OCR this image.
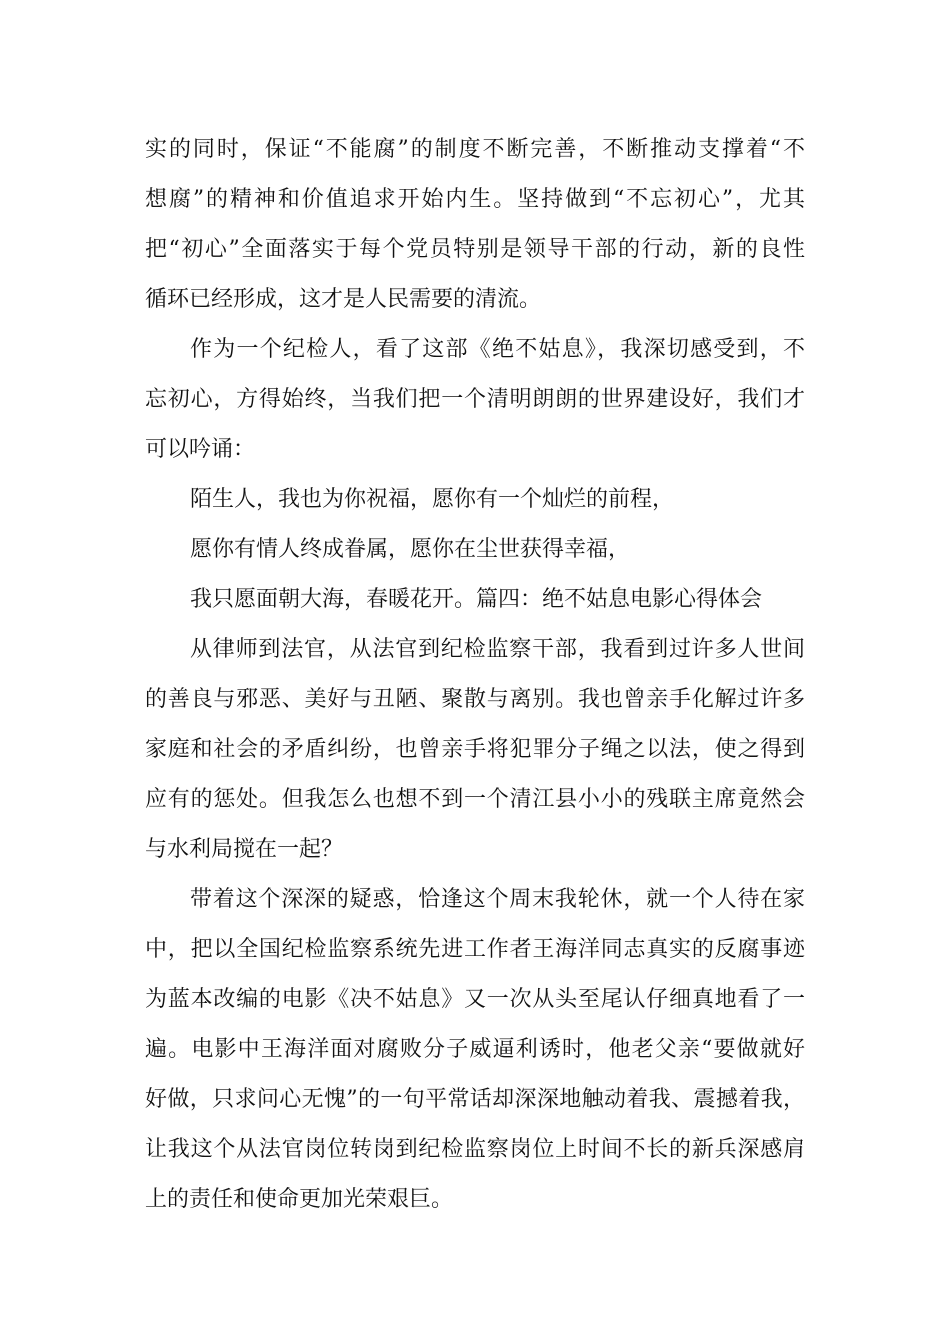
实的同时，保证“不能腐”的制度不断完善，不断推动支撑着“不
想腐”的精神和价值追求开始内生。坚持做到“不忘初心”，尤其
把“初心”全面落实于每个党员特别是领导干部的行动，新的良性
循环已经形成，这才是人民需要的清流。
作为一个纪检人，看了这部《绝不姑息》，我深切感受到，不
忘初心，方得始终，当我们把一个清明朗朗的世界建设好，我们才
可以吟诵：
陌生人，我也为你祝福，愿你有一个灿烂的前程，
愿你有情人终成眷属，愿你在尘世获得幸福，
我只愿面朝大海，春暖花开。篇四：绝不姑息电影心得体会
从律师到法官，从法官到纪检监察干部，我看到过许多人世间
的善良与邪恶、美好与丑陋、聚散与离别。我也曾亲手化解过许多
家庭和社会的矛盾纠纷，也曾亲手将犯罪分子绳之以法，使之得到
应有的惩处。但我怎么也想不到一个清江县小小的残联主席竟然会
与水利局搅在一起？
带着这个深深的疑惑，恰逢这个周末我轮休，就一个人待在家
中，把以全国纪检监察系统先进工作者王海洋同志真实的反腐事迹
为蓝本改编的电影《决不姑息》又一次从头至尾认仔细真地看了一
遍。电影中王海洋面对腐败分子威逼利诱时，他老父亲“要做就好
好做，只求问心无愧”的一句平常话却深深地触动着我、震撼着我，
让我这个从法官岗位转岗到纪检监察岗位上时间不长的新兵深感肩
上的责任和使命更加光荣艰巨。
